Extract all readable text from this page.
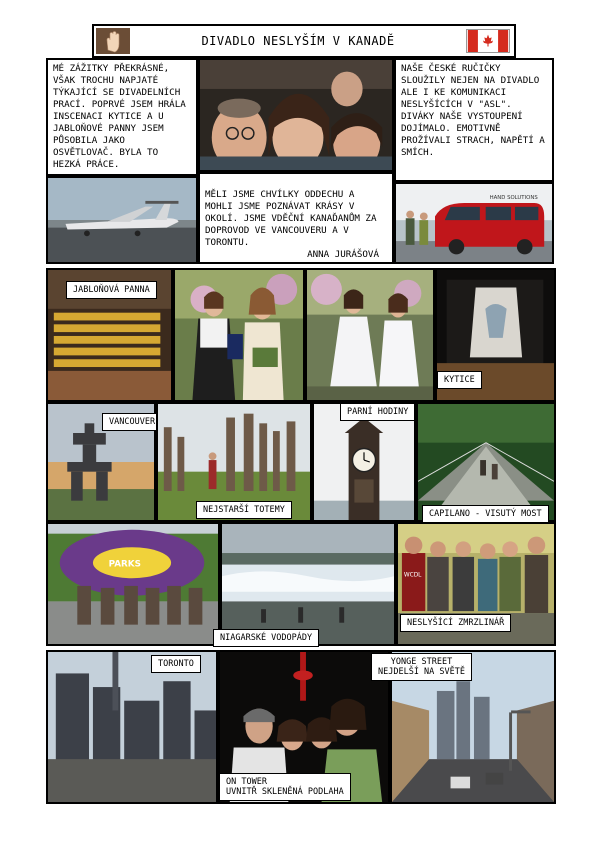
DIVADLO NESLYŠÍM V KANADĚ
MÉ ZÁŽITKY PŘEKRÁSNÉ, VŠAK TROCHU NAPJATÉ TÝKAJÍCÍ SE DIVADELNÍCH PRACÍ. POPRVÉ JSEM HRÁLA INSCENACI KYTICE A U JABLOŇOVÉ PANNY JSEM PŮSOBILA JAKO OSVĚTLOVAČ. BYLA TO HEZKÁ PRÁCE.
NAŠE ČESKÉ RUČIČKY SLOUŽILY NEJEN NA DIVADLO ALE I KE KOMUNIKACI NESLYŠÍCÍCH V "ASL". DIVÁKY NAŠE VYSTOUPENÍ DOJÍMALO. EMOTIVNĚ PROŽÍVALI STRACH, NAPĚTÍ A SMÍCH.

MĚLI JSME CHVÍLKY ODDECHU A MOHLI JSME POZNÁVAT KRÁSY V OKOLÍ. JSME VDĚČNÍ KANAĎANŮM ZA DOPROVOD VE VANCOUVERU A V TORONTU.

ANNA JURÁŠOVÁ

HAND SOLUTIONS
JABLOŇOVÁ PANNA
KYTICE
VANCOUVER
NEJSTARŠÍ TOTEMY
PARNÍ HODINY
CAPILANO - VISUTÝ MOST
PARKS
NIAGARSKÉ VODOPÁDY
WCDL
NESLYŠÍCÍ ZMRZLINÁŘ
TORONTO
ON TOWER
UVNITŘ SKLENĚNÁ PODLAHA
YONGE STREET
NEJDELŠÍ NA SVĚTĚ
